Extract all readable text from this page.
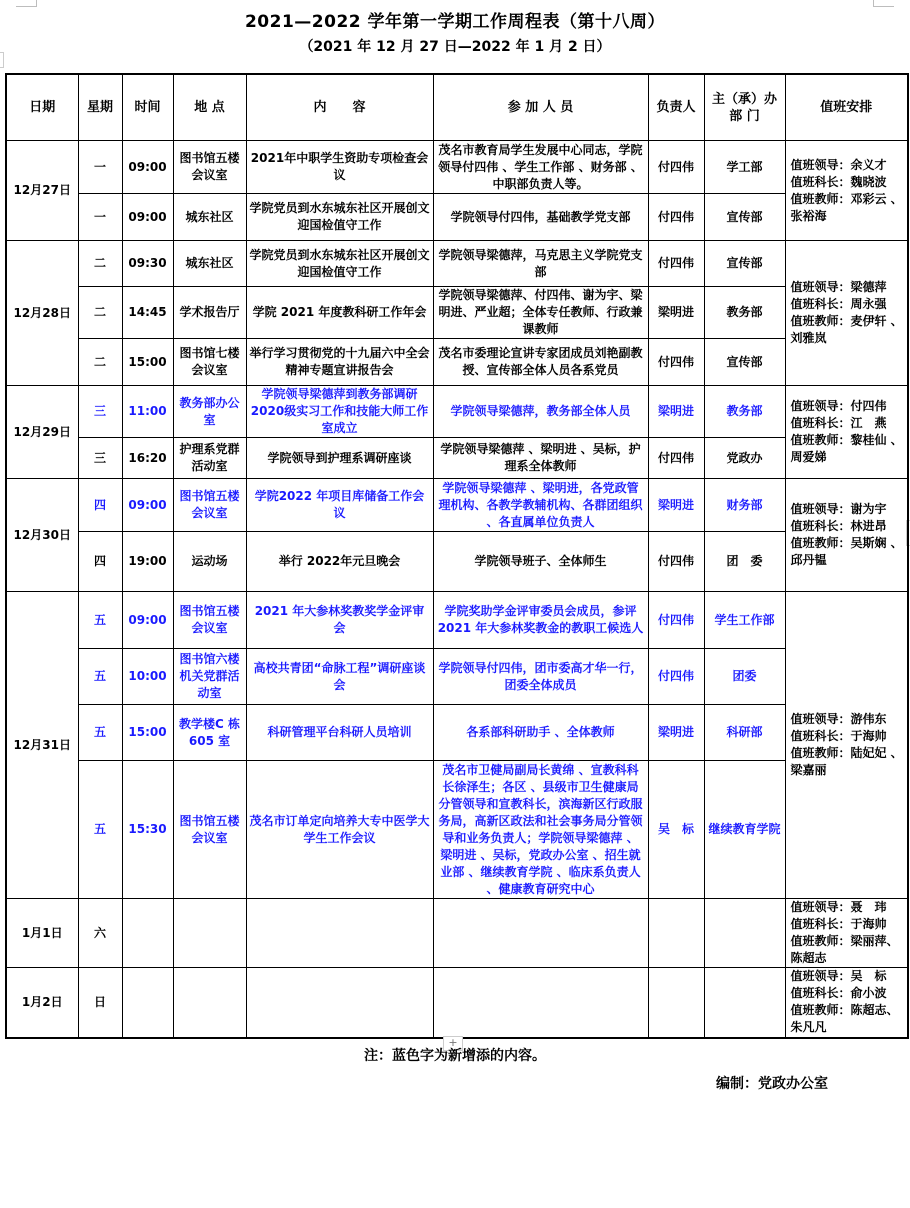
2021—2022 学年第一学期工作周程表（第十八周）
（2021 年 12 月 27 日—2022 年 1 月 2 日）
日期	星期	时间	地 点	内　　容	参 加 人 员	负责人	主（承）办部 门	值班安排
12月27日	一	09:00	图书馆五楼会议室	2021年中职学生资助专项检查会议	茂名市教育局学生发展中心同志，学院领导付四伟 、学生工作部 、财务部 、中职部负责人等。	付四伟	学工部	值班领导：余义才
值班科长：魏晓波
值班教师：邓彩云 、张裕海

	一	09:00	城东社区	学院党员到水东城东社区开展创文迎国检值守工作	学院领导付四伟，基础教学党支部	付四伟	宣传部	
12月28日	二	09:30	城东社区	学院党员到水东城东社区开展创文迎国检值守工作	学院领导梁德萍，马克思主义学院党支部	付四伟	宣传部	值班领导：梁德萍
值班科长：周永强
值班教师：麦伊轩 、刘雅岚

	二	14:45	学术报告厅	学院 2021 年度教科研工作年会	学院领导梁德萍、付四伟、谢为宇、梁明进、严业超；全体专任教师、行政兼课教师	梁明进	教务部	
	二	15:00	图书馆七楼会议室	举行学习贯彻党的十九届六中全会精神专题宣讲报告会	茂名市委理论宣讲专家团成员刘艳副教授、宣传部全体人员各系党员	付四伟	宣传部	
12月29日	三	11:00	教务部办公室	学院领导梁德萍到教务部调研2020级实习工作和技能大师工作室成立	学院领导梁德萍，教务部全体人员	梁明进	教务部	值班领导：付四伟
值班科长：江　燕
值班教师：黎桂仙 、周爱娣

	三	16:20	护理系党群活动室	学院领导到护理系调研座谈	学院领导梁德萍 、梁明进 、吴标，护理系全体教师	付四伟	党政办	
12月30日	四	09:00	图书馆五楼会议室	学院2022 年项目库储备工作会议	学院领导梁德萍 、梁明进，各党政管理机构、各教学教辅机构、各群团组织 、各直属单位负责人	梁明进	财务部	值班领导：谢为宇
值班科长：林进昂
值班教师：吴斯娴 、邱丹韫

	四	19:00	运动场	举行 2022年元旦晚会	学院领导班子、全体师生	付四伟	团　委	
12月31日	五	09:00	图书馆五楼会议室	2021 年大参林奖教奖学金评审会	学院奖助学金评审委员会成员，参评2021 年大参林奖教金的教职工候选人	付四伟	学生工作部	值班领导：游伟东
值班科长：于海帅
值班教师：陆妃妃 、梁嘉丽

	五	10:00	图书馆六楼机关党群活动室	高校共青团“命脉工程”调研座谈会	学院领导付四伟，团市委高才华一行，团委全体成员	付四伟	团委	
	五	15:00	教学楼C 栋605 室	科研管理平台科研人员培训	各系部科研助手 、全体教师	梁明进	科研部	
	五	15:30	图书馆五楼会议室	茂名市订单定向培养大专中医学大学生工作会议	茂名市卫健局副局长黄绵 、宣教科科长徐泽生；各区 、县级市卫生健康局分管领导和宣教科长，滨海新区行政服务局，高新区政法和社会事务局分管领导和业务负责人；学院领导梁德萍 、梁明进 、吴标，党政办公室 、招生就业部 、继续教育学院 、临床系负责人 、健康教育研究中心	吴　标	继续教育学院	
1月1日	六							值班领导：聂　玮
值班科长：于海帅
值班教师：梁丽萍、陈超志

1月2日	日							值班领导：吴　标
值班科长：俞小波
值班教师：陈超志、朱凡凡
+
注：蓝色字为新增添的内容。
编制：党政办公室
